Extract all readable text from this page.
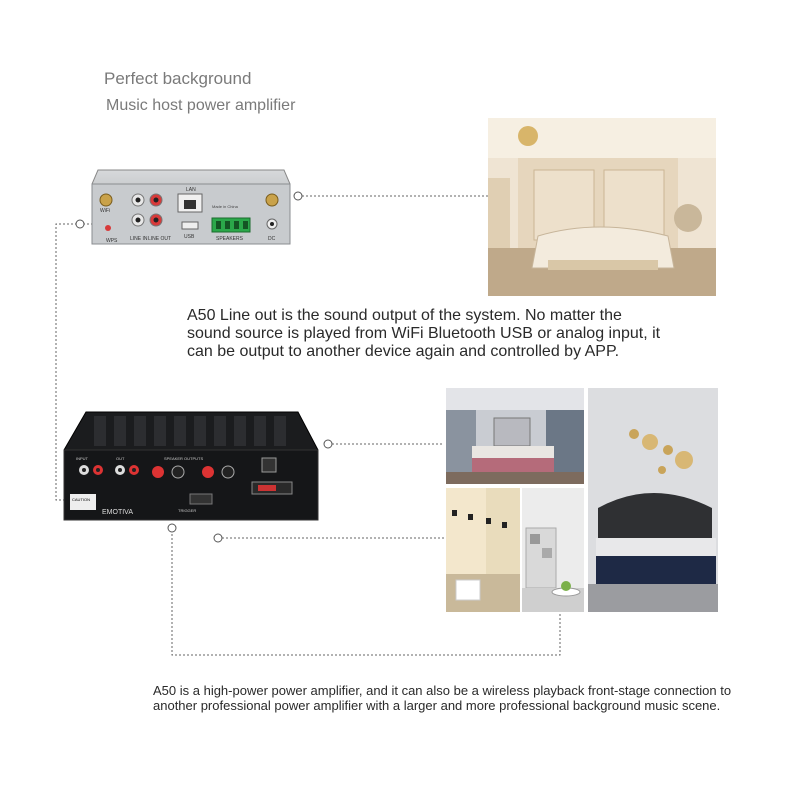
Perfect background
Music host power amplifier
WPS
WiFi
LINE IN LINE OUT
LAN
USB	SPEAKERS	DC
Made in China
A50 Line out is the sound output of the system. No matter the sound source is played from WiFi Bluetooth USB or analog input, it can be output to another device again and controlled by APP.
CAUTION
INPUT	OUT	SPEAKER OUTPUTS
TRIGGER
EMOTIVA
A50 is a high-power power amplifier, and it can also be a wireless playback front-stage connection to another professional power amplifier with a larger and more professional background music scene.
